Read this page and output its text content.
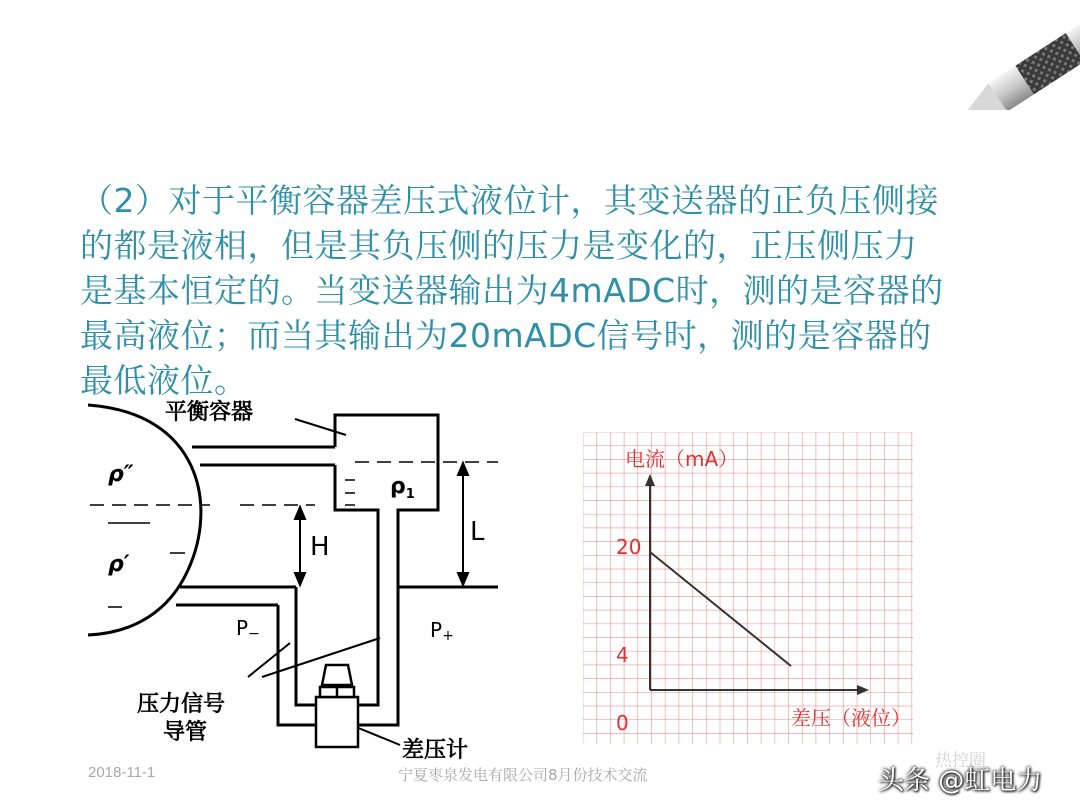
（2）对于平衡容器差压式液位计，其变送器的正负压侧接的都是液相，但是其负压侧的压力是变化的，正压侧压力是基本恒定的。当变送器输出为4mADC时，测的是容器的最高液位；而当其输出为20mADC信号时，测的是容器的最低液位。

平衡容器
ρ″
ρ′
$\rho_1$
H	L
P−	P+
压力信号
导管
差压计
电流（mA）
差压（液位）
20
4
0
2018-11-1	宁夏枣泉发电有限公司8月份技术交流
热控圈
头条 @虹电力
